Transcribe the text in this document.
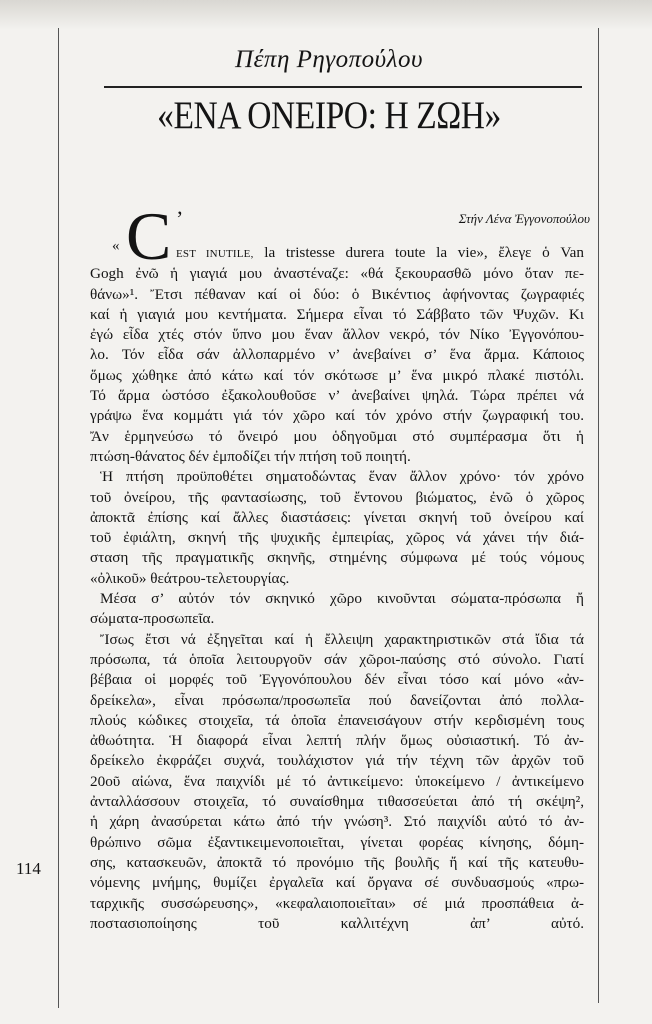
Πέπη Ρηγοπούλου
«ΕΝΑ ΟΝΕΙΡΟ: Η ΖΩΗ»
Στήν Λένα Ἐγγονοπούλου
« C ’
EST INUTILE, la tristesse durera toute la vie», ἔλεγε ὁ Van
Gogh ἐνῶ ἡ γιαγιά μου ἀναστέναζε: «θά ξεκουρασθῶ μόνο ὅταν πε-
θάνω»¹. Ἔτσι πέθαναν καί οἱ δύο: ὁ Βικέντιος ἀφήνοντας ζωγραφιές
καί ἡ γιαγιά μου κεντήματα. Σήμερα εἶναι τό Σάββατο τῶν Ψυχῶν. Κι
ἐγώ εἶδα χτές στόν ὕπνο μου ἕναν ἄλλον νεκρό, τόν Νίκο Ἐγγονόπου-
λο. Τόν εἶδα σάν ἀλλοπαρμένο ν’ ἀνεβαίνει σ’ ἕνα ἅρμα. Κάποιος
ὅμως χώθηκε ἀπό κάτω καί τόν σκότωσε μ’ ἕνα μικρό πλακέ πιστόλι.
Τό ἅρμα ὡστόσο ἐξακολουθοῦσε ν’ ἀνεβαίνει ψηλά. Τώρα πρέπει νά
γράψω ἕνα κομμάτι γιά τόν χῶρο καί τόν χρόνο στήν ζωγραφική του.
Ἄν ἑρμηνεύσω τό ὄνειρό μου ὁδηγοῦμαι στό συμπέρασμα ὅτι ἡ
πτώση-θάνατος δέν ἐμποδίζει τήν πτήση τοῦ ποιητή.
Ἡ πτήση προϋποθέτει σηματοδώντας ἕναν ἄλλον χρόνο· τόν χρόνο
τοῦ ὀνείρου, τῆς φαντασίωσης, τοῦ ἔντονου βιώματος, ἐνῶ ὁ χῶρος
ἀποκτᾶ ἐπίσης καί ἄλλες διαστάσεις: γίνεται σκηνή τοῦ ὀνείρου καί
τοῦ ἐφιάλτη, σκηνή τῆς ψυχικῆς ἐμπειρίας, χῶρος νά χάνει τήν διά-
σταση τῆς πραγματικῆς σκηνῆς, στημένης σύμφωνα μέ τούς νόμους
«ὀλικοῦ» θεάτρου-τελετουργίας.
Μέσα σ’ αὐτόν τόν σκηνικό χῶρο κινοῦνται σώματα-πρόσωπα ἤ
σώματα-προσωπεῖα.
Ἴσως ἔτσι νά ἐξηγεῖται καί ἡ ἔλλειψη χαρακτηριστικῶν στά ἴδια τά
πρόσωπα, τά ὁποῖα λειτουργοῦν σάν χῶροι-παύσης στό σύνολο. Γιατί
βέβαια οἱ μορφές τοῦ Ἐγγονόπουλου δέν εἶναι τόσο καί μόνο «ἀν-
δρείκελα», εἶναι πρόσωπα/προσωπεῖα πού δανείζονται ἀπό πολλα-
πλούς κώδικες στοιχεῖα, τά ὁποῖα ἐπανεισάγουν στήν κερδισμένη τους
ἀθωότητα. Ἡ διαφορά εἶναι λεπτή πλήν ὅμως οὐσιαστική. Τό ἀν-
δρείκελο ἐκφράζει συχνά, τουλάχιστον γιά τήν τέχνη τῶν ἀρχῶν τοῦ
20οῦ αἰώνα, ἕνα παιχνίδι μέ τό ἀντικείμενο: ὑποκείμενο / ἀντικείμενο
ἀνταλλάσσουν στοιχεῖα, τό συναίσθημα τιθασσεύεται ἀπό τή σκέψη²,
ἡ χάρη ἀνασύρεται κάτω ἀπό τήν γνώση³. Στό παιχνίδι αὐτό τό ἀν-
θρώπινο σῶμα ἐξαντικειμενοποιεῖται, γίνεται φορέας κίνησης, δόμη-
σης, κατασκευῶν, ἀποκτᾶ τό προνόμιο τῆς βουλῆς ἤ καί τῆς κατευθυ-
νόμενης μνήμης, θυμίζει ἐργαλεῖα καί ὄργανα σέ συνδυασμούς «πρω-
ταρχικῆς συσσώρευσης», «κεφαλαιοποιεῖται» σέ μιά προσπάθεια ἀ-
ποστασιοποίησης τοῦ καλλιτέχνη ἀπ’ αὐτό.
114
